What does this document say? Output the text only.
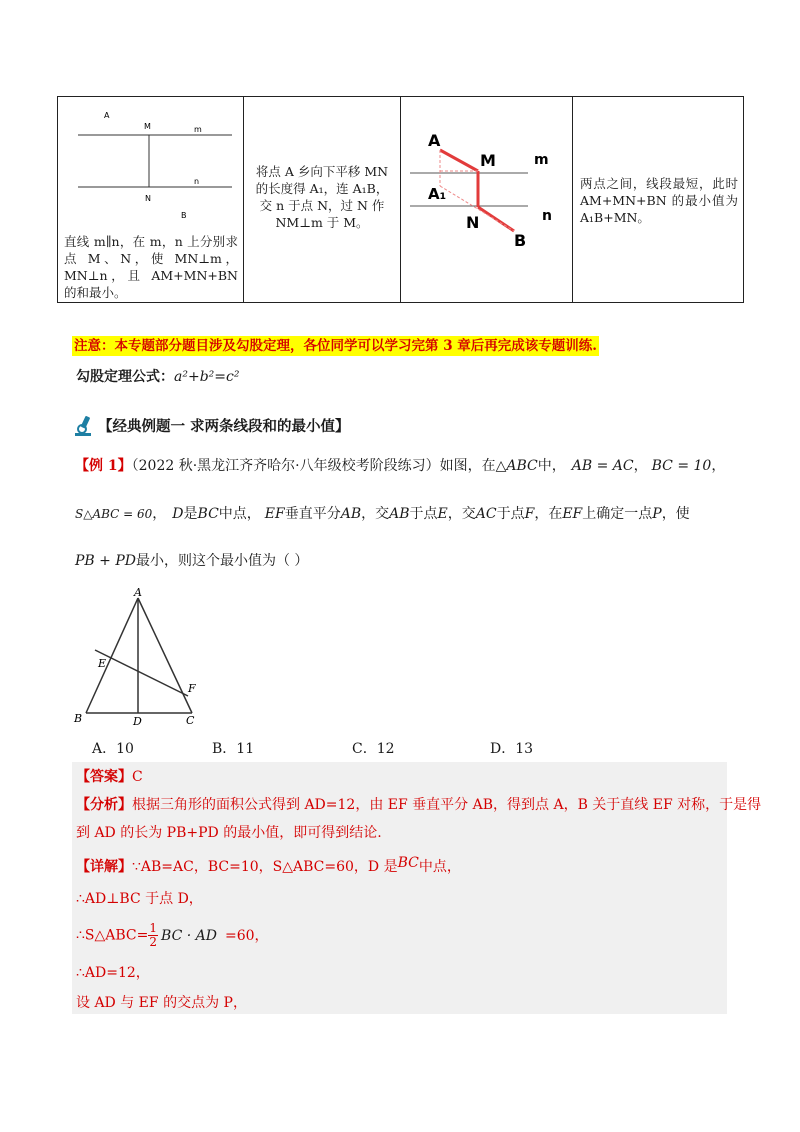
A
M	m
N
n
B
直线 m∥n，在 m，n 上分别求点 M、N，使 MN⊥m，MN⊥n，且 AM+MN+BN 的和最小。
将点 A 乡向下平移 MN 的长度得 A₁，连 A₁B，交 n 于点 N，过 N 作 NM⊥m 于 M。
A
M	m
A₁
N	n
B
两点之间，线段最短，此时 AM+MN+BN 的最小值为 A₁B+MN。
注意：本专题部分题目涉及勾股定理，各位同学可以学习完第 3 章后再完成该专题训练.
勾股定理公式：a²+b²=c²
【经典例题一 求两条线段和的最小值】
【例 1】（2022 秋·黑龙江齐齐哈尔·八年级校考阶段练习）如图，在△ABC中， AB = AC， BC = 10，
S△ABC = 60， D是BC中点， EF垂直平分AB，交AB于点E，交AC于点F，在EF上确定一点P，使
PB + PD最小，则这个最小值为（ ）
A
B	C
D
E
F
A．10	B．11	C．12	D．13
【答案】C
【分析】根据三角形的面积公式得到 AD=12，由 EF 垂直平分 AB，得到点 A，B 关于直线 EF 对称，于是得
到 AD 的长为 PB+PD 的最小值，即可得到结论.
【详解】∵AB=AC，BC=10，S△ABC=60，D 是BC中点，
∴AD⊥BC 于点 D，
∴S△ABC= $\frac{1}{2}$ BC · AD =60，
∴AD=12，
设 AD 与 EF 的交点为 P，
